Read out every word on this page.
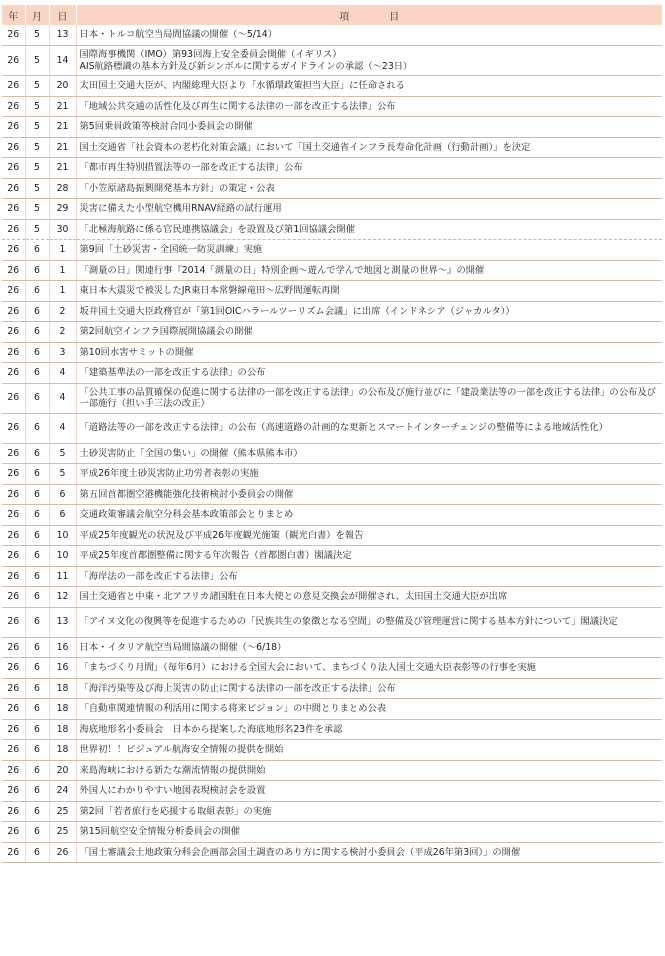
年	月	日	項　　　　目
26	5	13	日本・トルコ航空当局間協議の開催（〜5/14）
26	5	14	国際海事機関（IMO）第93回海上安全委員会開催（イギリス）
AIS航路標識の基本方針及び新シンボルに関するガイドラインの承認（〜23日）
26	5	20	太田国土交通大臣が、内閣総理大臣より「水循環政策担当大臣」に任命される
26	5	21	「地域公共交通の活性化及び再生に関する法律の一部を改正する法律」公布
26	5	21	第5回乗員政策等検討合同小委員会の開催
26	5	21	国土交通省「社会資本の老朽化対策会議」において「国土交通省インフラ長寿命化計画（行動計画）」を決定
26	5	21	「都市再生特別措置法等の一部を改正する法律」公布
26	5	28	「小笠原諸島振興開発基本方針」の策定・公表
26	5	29	災害に備えた小型航空機用RNAV経路の試行運用
26	5	30	「北極海航路に係る官民連携協議会」を設置及び第1回協議会開催
26	6	1	第9回「土砂災害・全国統一防災訓練」実施
26	6	1	「測量の日」関連行事『2014「測量の日」特別企画〜遊んで学んで地図と測量の世界〜』の開催
26	6	1	東日本大震災で被災したJR東日本常磐線竜田〜広野間運転再開
26	6	2	坂井国土交通大臣政務官が「第1回OICハラールツーリズム会議」に出席（インドネシア（ジャカルタ））
26	6	2	第2回航空インフラ国際展開協議会の開催
26	6	3	第10回水害サミットの開催
26	6	4	「建築基準法の一部を改正する法律」の公布
26	6	4	「公共工事の品質確保の促進に関する法律の一部を改正する法律」の公布及び施行並びに「建設業法等の一部を改正する法律」の公布及び一部施行（担い手三法の改正）
26	6	4	「道路法等の一部を改正する法律」の公布（高速道路の計画的な更新とスマートインターチェンジの整備等による地域活性化）
26	6	5	土砂災害防止「全国の集い」の開催（熊本県熊本市）
26	6	5	平成26年度土砂災害防止功労者表彰の実施
26	6	6	第五回首都圏空港機能強化技術検討小委員会の開催
26	6	6	交通政策審議会航空分科会基本政策部会とりまとめ
26	6	10	平成25年度観光の状況及び平成26年度観光施策（観光白書）を報告
26	6	10	平成25年度首都圏整備に関する年次報告（首都圏白書）閣議決定
26	6	11	「海岸法の一部を改正する法律」公布
26	6	12	国土交通省と中東・北アフリカ諸国駐在日本大使との意見交換会が開催され、太田国土交通大臣が出席
26	6	13	「アイヌ文化の復興等を促進するための「民族共生の象徴となる空間」の整備及び管理運営に関する基本方針について」閣議決定
26	6	16	日本・イタリア航空当局間協議の開催（〜6/18）
26	6	16	「まちづくり月間」（毎年6月）における全国大会において、まちづくり法人国土交通大臣表彰等の行事を実施
26	6	18	「海洋汚染等及び海上災害の防止に関する法律の一部を改正する法律」公布
26	6	18	「自動車関連情報の利活用に関する将来ビジョン」の中間とりまとめ公表
26	6	18	海底地形名小委員会　日本から提案した海底地形名23件を承認
26	6	18	世界初！！ビジュアル航海安全情報の提供を開始
26	6	20	来島海峡における新たな潮流情報の提供開始
26	6	24	外国人にわかりやすい地図表現検討会を設置
26	6	25	第2回「若者旅行を応援する取組表彰」の実施
26	6	25	第15回航空安全情報分析委員会の開催
26	6	26	「国土審議会土地政策分科会企画部会国土調査のあり方に関する検討小委員会（平成26年第3回）」の開催
